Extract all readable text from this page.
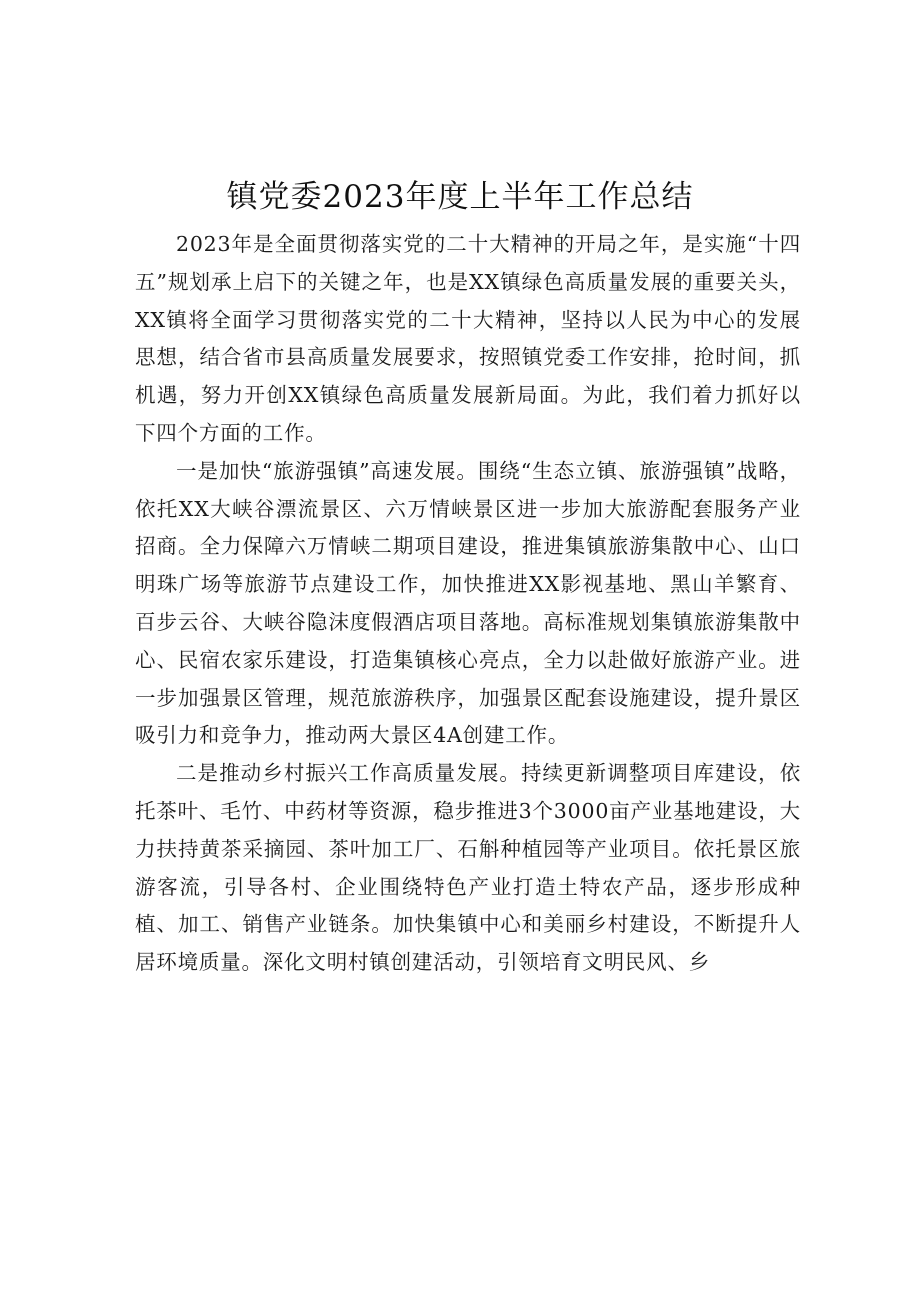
镇党委2023年度上半年工作总结

2023年是全面贯彻落实党的二十大精神的开局之年，是实施“十四五”规划承上启下的关键之年，也是XX镇绿色高质量发展的重要关头，XX镇将全面学习贯彻落实党的二十大精神，坚持以人民为中心的发展思想，结合省市县高质量发展要求，按照镇党委工作安排，抢时间，抓机遇，努力开创XX镇绿色高质量发展新局面。为此，我们着力抓好以下四个方面的工作。

一是加快“旅游强镇”高速发展。围绕“生态立镇、旅游强镇”战略，依托XX大峡谷漂流景区、六万情峡景区进一步加大旅游配套服务产业招商。全力保障六万情峡二期项目建设，推进集镇旅游集散中心、山口明珠广场等旅游节点建设工作，加快推进XX影视基地、黑山羊繁育、百步云谷、大峡谷隐沫度假酒店项目落地。高标准规划集镇旅游集散中心、民宿农家乐建设，打造集镇核心亮点，全力以赴做好旅游产业。进一步加强景区管理，规范旅游秩序，加强景区配套设施建设，提升景区吸引力和竞争力，推动两大景区4A创建工作。

二是推动乡村振兴工作高质量发展。持续更新调整项目库建设，依托茶叶、毛竹、中药材等资源，稳步推进3个3000亩产业基地建设，大力扶持黄茶采摘园、茶叶加工厂、石斛种植园等产业项目。依托景区旅游客流，引导各村、企业围绕特色产业打造土特农产品，逐步形成种植、加工、销售产业链条。加快集镇中心和美丽乡村建设，不断提升人居环境质量。深化文明村镇创建活动，引领培育文明民风、乡
